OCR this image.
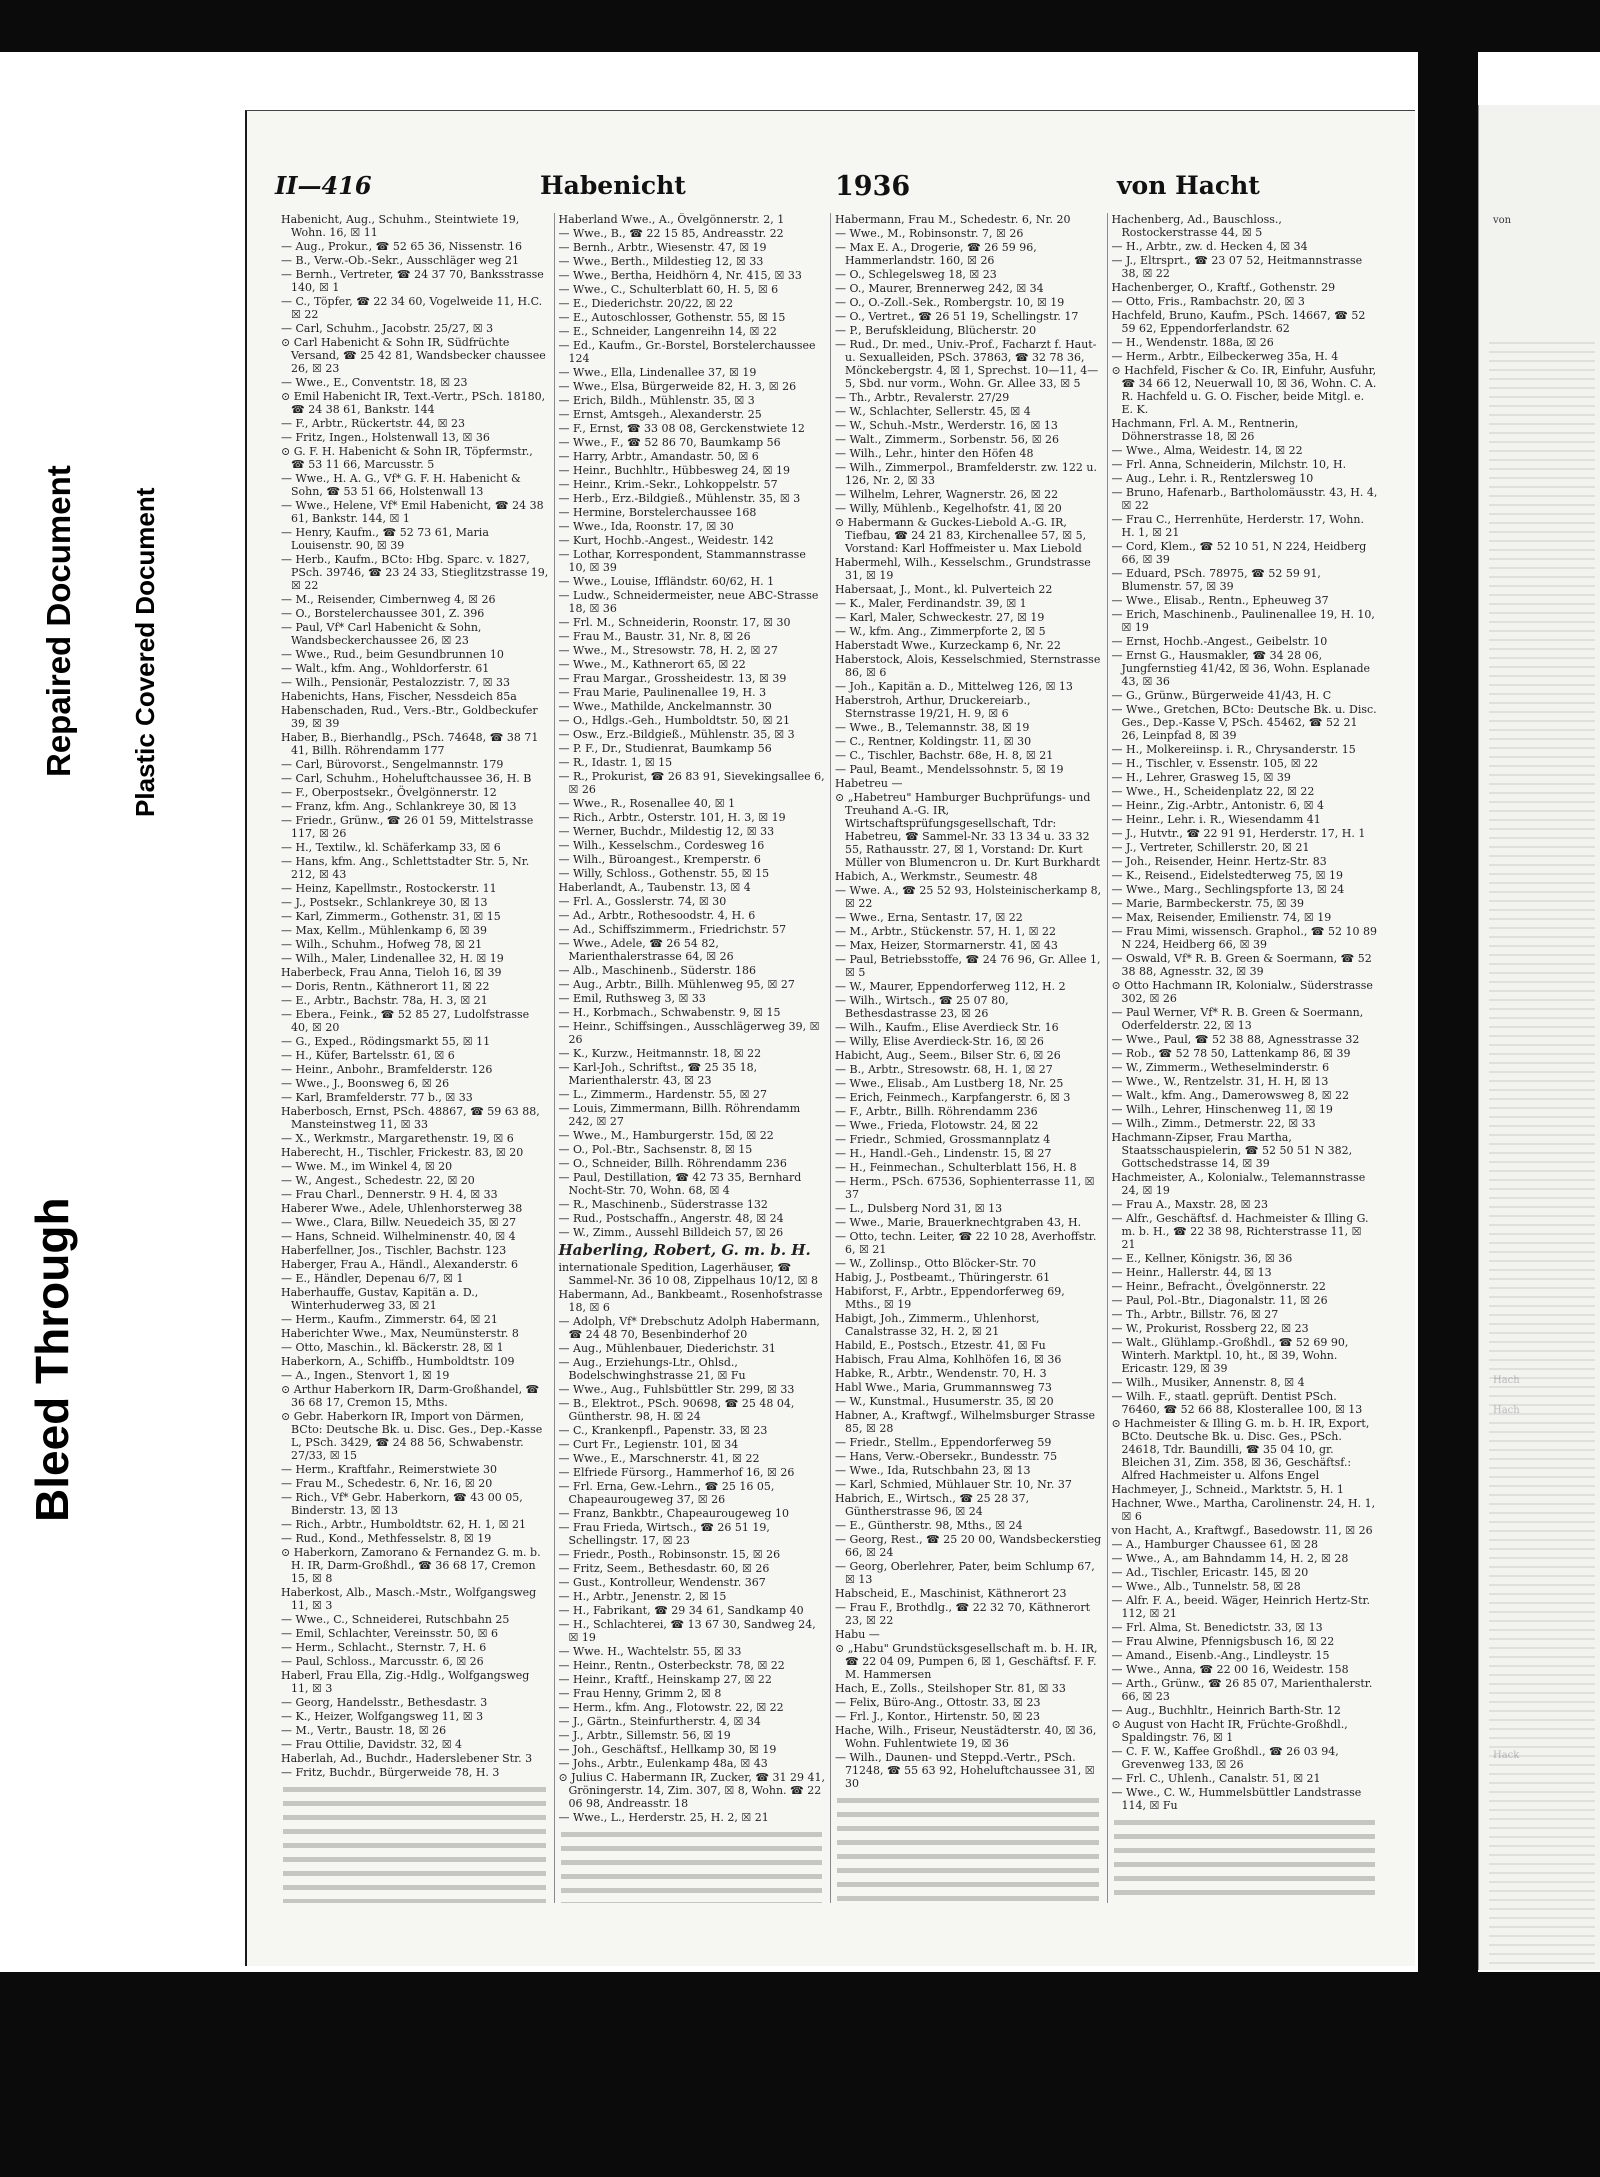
Bleed Through
Repaired Document Plastic Covered Document
II—416	Habenicht	1936	von Hacht
Habenicht, Aug., Schuhm., Steintwiete 19, Wohn. 16, ☒ 11
— Aug., Prokur., ☎ 52 65 36, Nissenstr. 16
— B., Verw.-Ob.-Sekr., Ausschläger weg 21
— Bernh., Vertreter, ☎ 24 37 70, Banksstrasse 140, ☒ 1
— C., Töpfer, ☎ 22 34 60, Vogelweide 11, H.C. ☒ 22
— Carl, Schuhm., Jacobstr. 25/27, ☒ 3
⊙ Carl Habenicht & Sohn IR, Südfrüchte Versand, ☎ 25 42 81, Wandsbecker chaussee 26, ☒ 23
— Wwe., E., Conventstr. 18, ☒ 23
⊙ Emil Habenicht IR, Text.-Vertr., PSch. 18180, ☎ 24 38 61, Bankstr. 144
— F., Arbtr., Rückertstr. 44, ☒ 23
— Fritz, Ingen., Holstenwall 13, ☒ 36
⊙ G. F. H. Habenicht & Sohn IR, Töpfermstr., ☎ 53 11 66, Marcusstr. 5
— Wwe., H. A. G., Vf* G. F. H. Habenicht & Sohn, ☎ 53 51 66, Holstenwall 13
— Wwe., Helene, Vf* Emil Habenicht, ☎ 24 38 61, Bankstr. 144, ☒ 1
— Henry, Kaufm., ☎ 52 73 61, Maria Louisenstr. 90, ☒ 39
— Herb., Kaufm., BCto: Hbg. Sparc. v. 1827, PSch. 39746, ☎ 23 24 33, Stieglitzstrasse 19, ☒ 22
— M., Reisender, Cimbernweg 4, ☒ 26
— O., Borstelerchaussee 301, Z. 396
— Paul, Vf* Carl Habenicht & Sohn, Wandsbeckerchaussee 26, ☒ 23
— Wwe., Rud., beim Gesundbrunnen 10
— Walt., kfm. Ang., Wohldorferstr. 61
— Wilh., Pensionär, Pestalozzistr. 7, ☒ 33
Habenichts, Hans, Fischer, Nessdeich 85a
Habenschaden, Rud., Vers.-Btr., Goldbeckufer 39, ☒ 39
Haber, B., Bierhandlg., PSch. 74648, ☎ 38 71 41, Billh. Röhrendamm 177
— Carl, Bürovorst., Sengelmannstr. 179
— Carl, Schuhm., Hoheluftchaussee 36, H. B
— F., Oberpostsekr., Övelgönnerstr. 12
— Franz, kfm. Ang., Schlankreye 30, ☒ 13
— Friedr., Grünw., ☎ 26 01 59, Mittelstrasse 117, ☒ 26
— H., Textilw., kl. Schäferkamp 33, ☒ 6
— Hans, kfm. Ang., Schlettstadter Str. 5, Nr. 212, ☒ 43
— Heinz, Kapellmstr., Rostockerstr. 11
— J., Postsekr., Schlankreye 30, ☒ 13
— Karl, Zimmerm., Gothenstr. 31, ☒ 15
— Max, Kellm., Mühlenkamp 6, ☒ 39
— Wilh., Schuhm., Hofweg 78, ☒ 21
— Wilh., Maler, Lindenallee 32, H. ☒ 19
Haberbeck, Frau Anna, Tieloh 16, ☒ 39
— Doris, Rentn., Käthnerort 11, ☒ 22
— E., Arbtr., Bachstr. 78a, H. 3, ☒ 21
— Ebera., Feink., ☎ 52 85 27, Ludolfstrasse 40, ☒ 20
— G., Exped., Rödingsmarkt 55, ☒ 11
— H., Küfer, Bartelsstr. 61, ☒ 6
— Heinr., Anbohr., Bramfelderstr. 126
— Wwe., J., Boonsweg 6, ☒ 26
— Karl, Bramfelderstr. 77 b., ☒ 33
Haberbosch, Ernst, PSch. 48867, ☎ 59 63 88, Mansteinstweg 11, ☒ 33
— X., Werkmstr., Margarethenstr. 19, ☒ 6
Haberecht, H., Tischler, Frickestr. 83, ☒ 20
— Wwe. M., im Winkel 4, ☒ 20
— W., Angest., Schedestr. 22, ☒ 20
— Frau Charl., Dennerstr. 9 H. 4, ☒ 33
Haberer Wwe., Adele, Uhlenhorsterweg 38
— Wwe., Clara, Billw. Neuedeich 35, ☒ 27
— Hans, Schneid. Wilhelminenstr. 40, ☒ 4
Haberfellner, Jos., Tischler, Bachstr. 123
Haberger, Frau A., Händl., Alexanderstr. 6
— E., Händler, Depenau 6/7, ☒ 1
Haberhauffe, Gustav, Kapitän a. D., Winterhuderweg 33, ☒ 21
— Herm., Kaufm., Zimmerstr. 64, ☒ 21
Haberichter Wwe., Max, Neumünsterstr. 8
— Otto, Maschin., kl. Bäckerstr. 28, ☒ 1
Haberkorn, A., Schiffb., Humboldtstr. 109
— A., Ingen., Stenvort 1, ☒ 19
⊙ Arthur Haberkorn IR, Darm-Großhandel, ☎ 36 68 17, Cremon 15, Mths.
⊙ Gebr. Haberkorn IR, Import von Därmen, BCto: Deutsche Bk. u. Disc. Ges., Dep.-Kasse L, PSch. 3429, ☎ 24 88 56, Schwabenstr. 27/33, ☒ 15
— Herm., Kraftfahr., Reimerstwiete 30
— Frau M., Schedestr. 6, Nr. 16, ☒ 20
— Rich., Vf* Gebr. Haberkorn, ☎ 43 00 05, Binderstr. 13, ☒ 13
— Rich., Arbtr., Humboldtstr. 62, H. 1, ☒ 21
— Rud., Kond., Methfesselstr. 8, ☒ 19
⊙ Haberkorn, Zamorano & Fernandez G. m. b. H. IR, Darm-Großhdl., ☎ 36 68 17, Cremon 15, ☒ 8
Haberkost, Alb., Masch.-Mstr., Wolfgangsweg 11, ☒ 3
— Wwe., C., Schneiderei, Rutschbahn 25
— Emil, Schlachter, Vereinsstr. 50, ☒ 6
— Herm., Schlacht., Sternstr. 7, H. 6
— Paul, Schloss., Marcusstr. 6, ☒ 26
Haberl, Frau Ella, Zig.-Hdlg., Wolfgangsweg 11, ☒ 3
— Georg, Handelsstr., Bethesdastr. 3
— K., Heizer, Wolfgangsweg 11, ☒ 3
— M., Vertr., Baustr. 18, ☒ 26
— Frau Ottilie, Davidstr. 32, ☒ 4
Haberlah, Ad., Buchdr., Haderslebener Str. 3
— Fritz, Buchdr., Bürgerweide 78, H. 3
Haberland Wwe., A., Övelgönnerstr. 2, 1
— Wwe., B., ☎ 22 15 85, Andreasstr. 22
— Bernh., Arbtr., Wiesenstr. 47, ☒ 19
— Wwe., Berth., Mildestieg 12, ☒ 33
— Wwe., Bertha, Heidhörn 4, Nr. 415, ☒ 33
— Wwe., C., Schulterblatt 60, H. 5, ☒ 6
— E., Diederichstr. 20/22, ☒ 22
— E., Autoschlosser, Gothenstr. 55, ☒ 15
— E., Schneider, Langenreihn 14, ☒ 22
— Ed., Kaufm., Gr.-Borstel, Borstelerchaussee 124
— Wwe., Ella, Lindenallee 37, ☒ 19
— Wwe., Elsa, Bürgerweide 82, H. 3, ☒ 26
— Erich, Bildh., Mühlenstr. 35, ☒ 3
— Ernst, Amtsgeh., Alexanderstr. 25
— F., Ernst, ☎ 33 08 08, Gerckenstwiete 12
— Wwe., F., ☎ 52 86 70, Baumkamp 56
— Harry, Arbtr., Amandastr. 50, ☒ 6
— Heinr., Buchhltr., Hübbesweg 24, ☒ 19
— Heinr., Krim.-Sekr., Lohkoppelstr. 57
— Herb., Erz.-Bildgieß., Mühlenstr. 35, ☒ 3
— Hermine, Borstelerchaussee 168
— Wwe., Ida, Roonstr. 17, ☒ 30
— Kurt, Hochb.-Angest., Weidestr. 142
— Lothar, Korrespondent, Stammannstrasse 10, ☒ 39
— Wwe., Louise, Iffländstr. 60/62, H. 1
— Ludw., Schneidermeister, neue ABC-Strasse 18, ☒ 36
— Frl. M., Schneiderin, Roonstr. 17, ☒ 30
— Frau M., Baustr. 31, Nr. 8, ☒ 26
— Wwe., M., Stresowstr. 78, H. 2, ☒ 27
— Wwe., M., Kathnerort 65, ☒ 22
— Frau Margar., Grossheidestr. 13, ☒ 39
— Frau Marie, Paulinenallee 19, H. 3
— Wwe., Mathilde, Anckelmannstr. 30
— O., Hdlgs.-Geh., Humboldtstr. 50, ☒ 21
— Osw., Erz.-Bildgieß., Mühlenstr. 35, ☒ 3
— P. F., Dr., Studienrat, Baumkamp 56
— R., Idastr. 1, ☒ 15
— R., Prokurist, ☎ 26 83 91, Sievekingsallee 6, ☒ 26
— Wwe., R., Rosenallee 40, ☒ 1
— Rich., Arbtr., Osterstr. 101, H. 3, ☒ 19
— Werner, Buchdr., Mildestig 12, ☒ 33
— Wilh., Kesselschm., Cordesweg 16
— Wilh., Büroangest., Kremperstr. 6
— Willy, Schloss., Gothenstr. 55, ☒ 15
Haberlandt, A., Taubenstr. 13, ☒ 4
— Frl. A., Gosslerstr. 74, ☒ 30
— Ad., Arbtr., Rothesoodstr. 4, H. 6
— Ad., Schiffszimmerm., Friedrichstr. 57
— Wwe., Adele, ☎ 26 54 82, Marienthalerstrasse 64, ☒ 26
— Alb., Maschinenb., Süderstr. 186
— Aug., Arbtr., Billh. Mühlenweg 95, ☒ 27
— Emil, Ruthsweg 3, ☒ 33
— H., Korbmach., Schwabenstr. 9, ☒ 15
— Heinr., Schiffsingen., Ausschlägerweg 39, ☒ 26
— K., Kurzw., Heitmannstr. 18, ☒ 22
— Karl-Joh., Schriftst., ☎ 25 35 18, Marienthalerstr. 43, ☒ 23
— L., Zimmerm., Hardenstr. 55, ☒ 27
— Louis, Zimmermann, Billh. Röhrendamm 242, ☒ 27
— Wwe., M., Hamburgerstr. 15d, ☒ 22
— O., Pol.-Btr., Sachsenstr. 8, ☒ 15
— O., Schneider, Billh. Röhrendamm 236
— Paul, Destillation, ☎ 42 73 35, Bernhard Nocht-Str. 70, Wohn. 68, ☒ 4
— R., Maschinenb., Süderstrasse 132
— Rud., Postschaffn., Angerstr. 48, ☒ 24
— W., Zimm., Aussehl Billdeich 57, ☒ 26
Haberling, Robert, G. m. b. H.
internationale Spedition, Lagerhäuser, ☎ Sammel-Nr. 36 10 08, Zippelhaus 10/12, ☒ 8
Habermann, Ad., Bankbeamt., Rosenhofstrasse 18, ☒ 6
— Adolph, Vf* Drebschutz Adolph Habermann, ☎ 24 48 70, Besenbinderhof 20
— Aug., Mühlenbauer, Diederichstr. 31
— Aug., Erziehungs-Ltr., Ohlsd., Bodelschwinghstrasse 21, ☒ Fu
— Wwe., Aug., Fuhlsbüttler Str. 299, ☒ 33
— B., Elektrot., PSch. 90698, ☎ 25 48 04, Güntherstr. 98, H. ☒ 24
— C., Krankenpfl., Papenstr. 33, ☒ 23
— Curt Fr., Legienstr. 101, ☒ 34
— Wwe., E., Marschnerstr. 41, ☒ 22
— Elfriede Fürsorg., Hammerhof 16, ☒ 26
— Frl. Erna, Gew.-Lehrn., ☎ 25 16 05, Chapeaurougeweg 37, ☒ 26
— Franz, Bankbtr., Chapeaurougeweg 10
— Frau Frieda, Wirtsch., ☎ 26 51 19, Schellingstr. 17, ☒ 23
— Friedr., Posth., Robinsonstr. 15, ☒ 26
— Fritz, Seem., Bethesdastr. 60, ☒ 26
— Gust., Kontrolleur, Wendenstr. 367
— H., Arbtr., Jenenstr. 2, ☒ 15
— H., Fabrikant, ☎ 29 34 61, Sandkamp 40
— H., Schlachterei, ☎ 13 67 30, Sandweg 24, ☒ 19
— Wwe. H., Wachtelstr. 55, ☒ 33
— Heinr., Rentn., Osterbeckstr. 78, ☒ 22
— Heinr., Kraftf., Heinskamp 27, ☒ 22
— Frau Henny, Grimm 2, ☒ 8
— Herm., kfm. Ang., Flotowstr. 22, ☒ 22
— J., Gärtn., Steinfurtherstr. 4, ☒ 34
— J., Arbtr., Sillemstr. 56, ☒ 19
— Joh., Geschäftsf., Hellkamp 30, ☒ 19
— Johs., Arbtr., Eulenkamp 48a, ☒ 43
⊙ Julius C. Habermann IR, Zucker, ☎ 31 29 41, Gröningerstr. 14, Zim. 307, ☒ 8, Wohn. ☎ 22 06 98, Andreasstr. 18
— Wwe., L., Herderstr. 25, H. 2, ☒ 21
Habermann, Frau M., Schedestr. 6, Nr. 20
— Wwe., M., Robinsonstr. 7, ☒ 26
— Max E. A., Drogerie, ☎ 26 59 96, Hammerlandstr. 160, ☒ 26
— O., Schlegelsweg 18, ☒ 23
— O., Maurer, Brennerweg 242, ☒ 34
— O., O.-Zoll.-Sek., Rombergstr. 10, ☒ 19
— O., Vertret., ☎ 26 51 19, Schellingstr. 17
— P., Berufskleidung, Blücherstr. 20
— Rud., Dr. med., Univ.-Prof., Facharzt f. Haut- u. Sexualleiden, PSch. 37863, ☎ 32 78 36, Mönckebergstr. 4, ☒ 1, Sprechst. 10—11, 4—5, Sbd. nur vorm., Wohn. Gr. Allee 33, ☒ 5
— Th., Arbtr., Revalerstr. 27/29
— W., Schlachter, Sellerstr. 45, ☒ 4
— W., Schuh.-Mstr., Werderstr. 16, ☒ 13
— Walt., Zimmerm., Sorbenstr. 56, ☒ 26
— Wilh., Lehr., hinter den Höfen 48
— Wilh., Zimmerpol., Bramfelderstr. zw. 122 u. 126, Nr. 2, ☒ 33
— Wilhelm, Lehrer, Wagnerstr. 26, ☒ 22
— Willy, Mühlenb., Kegelhofstr. 41, ☒ 20
⊙ Habermann & Guckes-Liebold A.-G. IR, Tiefbau, ☎ 24 21 83, Kirchenallee 57, ☒ 5, Vorstand: Karl Hoffmeister u. Max Liebold
Habermehl, Wilh., Kesselschm., Grundstrasse 31, ☒ 19
Habersaat, J., Mont., kl. Pulverteich 22
— K., Maler, Ferdinandstr. 39, ☒ 1
— Karl, Maler, Schweckestr. 27, ☒ 19
— W., kfm. Ang., Zimmerpforte 2, ☒ 5
Haberstadt Wwe., Kurzeckamp 6, Nr. 22
Haberstock, Alois, Kesselschmied, Sternstrasse 86, ☒ 6
— Joh., Kapitän a. D., Mittelweg 126, ☒ 13
Haberstroh, Arthur, Druckereiarb., Sternstrasse 19/21, H. 9, ☒ 6
— Wwe., B., Telemannstr. 38, ☒ 19
— C., Rentner, Koldingstr. 11, ☒ 30
— C., Tischler, Bachstr. 68e, H. 8, ☒ 21
— Paul, Beamt., Mendelssohnstr. 5, ☒ 19
Habetreu —
⊙ „Habetreu" Hamburger Buchprüfungs- und Treuhand A.-G. IR, Wirtschaftsprüfungsgesellschaft, Tdr: Habetreu, ☎ Sammel-Nr. 33 13 34 u. 33 32 55, Rathausstr. 27, ☒ 1, Vorstand: Dr. Kurt Müller von Blumencron u. Dr. Kurt Burkhardt
Habich, A., Werkmstr., Seumestr. 48
— Wwe. A., ☎ 25 52 93, Holsteinischerkamp 8, ☒ 22
— Wwe., Erna, Sentastr. 17, ☒ 22
— M., Arbtr., Stückenstr. 57, H. 1, ☒ 22
— Max, Heizer, Stormarnerstr. 41, ☒ 43
— Paul, Betriebsstoffe, ☎ 24 76 96, Gr. Allee 1, ☒ 5
— W., Maurer, Eppendorferweg 112, H. 2
— Wilh., Wirtsch., ☎ 25 07 80, Bethesdastrasse 23, ☒ 26
— Wilh., Kaufm., Elise Averdieck Str. 16
— Willy, Elise Averdieck-Str. 16, ☒ 26
Habicht, Aug., Seem., Bilser Str. 6, ☒ 26
— B., Arbtr., Stresowstr. 68, H. 1, ☒ 27
— Wwe., Elisab., Am Lustberg 18, Nr. 25
— Erich, Feinmech., Karpfangerstr. 6, ☒ 3
— F., Arbtr., Billh. Röhrendamm 236
— Wwe., Frieda, Flotowstr. 24, ☒ 22
— Friedr., Schmied, Grossmannplatz 4
— H., Handl.-Geh., Lindenstr. 15, ☒ 27
— H., Feinmechan., Schulterblatt 156, H. 8
— Herm., PSch. 67536, Sophienterrasse 11, ☒ 37
— L., Dulsberg Nord 31, ☒ 13
— Wwe., Marie, Brauerknechtgraben 43, H.
— Otto, techn. Leiter, ☎ 22 10 28, Averhoffstr. 6, ☒ 21
— W., Zollinsp., Otto Blöcker-Str. 70
Habig, J., Postbeamt., Thüringerstr. 61
Habiforst, F., Arbtr., Eppendorferweg 69, Mths., ☒ 19
Habigt, Joh., Zimmerm., Uhlenhorst, Canalstrasse 32, H. 2, ☒ 21
Habild, E., Postsch., Etzestr. 41, ☒ Fu
Habisch, Frau Alma, Kohlhöfen 16, ☒ 36
Habke, R., Arbtr., Wendenstr. 70, H. 3
Habl Wwe., Maria, Grummannsweg 73
— W., Kunstmal., Husumerstr. 35, ☒ 20
Habner, A., Kraftwgf., Wilhelmsburger Strasse 85, ☒ 28
— Friedr., Stellm., Eppendorferweg 59
— Hans, Verw.-Obersekr., Bundesstr. 75
— Wwe., Ida, Rutschbahn 23, ☒ 13
— Karl, Schmied, Mühlauer Str. 10, Nr. 37
Habrich, E., Wirtsch., ☎ 25 28 37, Güntherstrasse 96, ☒ 24
— E., Güntherstr. 98, Mths., ☒ 24
— Georg, Rest., ☎ 25 20 00, Wandsbeckerstieg 66, ☒ 24
— Georg, Oberlehrer, Pater, beim Schlump 67, ☒ 13
Habscheid, E., Maschinist, Käthnerort 23
— Frau F., Brothdlg., ☎ 22 32 70, Käthnerort 23, ☒ 22
Habu —
⊙ „Habu" Grundstücksgesellschaft m. b. H. IR, ☎ 22 04 09, Pumpen 6, ☒ 1, Geschäftsf. F. F. M. Hammersen
Hach, E., Zolls., Steilshoper Str. 81, ☒ 33
— Felix, Büro-Ang., Ottostr. 33, ☒ 23
— Frl. J., Kontor., Hirtenstr. 50, ☒ 23
Hache, Wilh., Friseur, Neustädterstr. 40, ☒ 36, Wohn. Fuhlentwiete 19, ☒ 36
— Wilh., Daunen- und Steppd.-Vertr., PSch. 71248, ☎ 55 63 92, Hoheluftchaussee 31, ☒ 30
Hachenberg, Ad., Bauschloss., Rostockerstrasse 44, ☒ 5
— H., Arbtr., zw. d. Hecken 4, ☒ 34
— J., Eltrsprt., ☎ 23 07 52, Heitmannstrasse 38, ☒ 22
Hachenberger, O., Kraftf., Gothenstr. 29
— Otto, Fris., Rambachstr. 20, ☒ 3
Hachfeld, Bruno, Kaufm., PSch. 14667, ☎ 52 59 62, Eppendorferlandstr. 62
— H., Wendenstr. 188a, ☒ 26
— Herm., Arbtr., Eilbeckerweg 35a, H. 4
⊙ Hachfeld, Fischer & Co. IR, Einfuhr, Ausfuhr, ☎ 34 66 12, Neuerwall 10, ☒ 36, Wohn. C. A. R. Hachfeld u. G. O. Fischer, beide Mitgl. e. E. K.
Hachmann, Frl. A. M., Rentnerin, Döhnerstrasse 18, ☒ 26
— Wwe., Alma, Weidestr. 14, ☒ 22
— Frl. Anna, Schneiderin, Milchstr. 10, H.
— Aug., Lehr. i. R., Rentzlersweg 10
— Bruno, Hafenarb., Bartholomäusstr. 43, H. 4, ☒ 22
— Frau C., Herrenhüte, Herderstr. 17, Wohn. H. 1, ☒ 21
— Cord, Klem., ☎ 52 10 51, N 224, Heidberg 66, ☒ 39
— Eduard, PSch. 78975, ☎ 52 59 91, Blumenstr. 57, ☒ 39
— Wwe., Elisab., Rentn., Epheuweg 37
— Erich, Maschinenb., Paulinenallee 19, H. 10, ☒ 19
— Ernst, Hochb.-Angest., Geibelstr. 10
— Ernst G., Hausmakler, ☎ 34 28 06, Jungfernstieg 41/42, ☒ 36, Wohn. Esplanade 43, ☒ 36
— G., Grünw., Bürgerweide 41/43, H. C
— Wwe., Gretchen, BCto: Deutsche Bk. u. Disc. Ges., Dep.-Kasse V, PSch. 45462, ☎ 52 21 26, Leinpfad 8, ☒ 39
— H., Molkereiinsp. i. R., Chrysanderstr. 15
— H., Tischler, v. Essenstr. 105, ☒ 22
— H., Lehrer, Grasweg 15, ☒ 39
— Wwe., H., Scheidenplatz 22, ☒ 22
— Heinr., Zig.-Arbtr., Antonistr. 6, ☒ 4
— Heinr., Lehr. i. R., Wiesendamm 41
— J., Hutvtr., ☎ 22 91 91, Herderstr. 17, H. 1
— J., Vertreter, Schillerstr. 20, ☒ 21
— Joh., Reisender, Heinr. Hertz-Str. 83
— K., Reisend., Eidelstedterweg 75, ☒ 19
— Wwe., Marg., Sechlingspforte 13, ☒ 24
— Marie, Barmbeckerstr. 75, ☒ 39
— Max, Reisender, Emilienstr. 74, ☒ 19
— Frau Mimi, wissensch. Graphol., ☎ 52 10 89 N 224, Heidberg 66, ☒ 39
— Oswald, Vf* R. B. Green & Soermann, ☎ 52 38 88, Agnesstr. 32, ☒ 39
⊙ Otto Hachmann IR, Kolonialw., Süderstrasse 302, ☒ 26
— Paul Werner, Vf* R. B. Green & Soermann, Oderfelderstr. 22, ☒ 13
— Wwe., Paul, ☎ 52 38 88, Agnesstrasse 32
— Rob., ☎ 52 78 50, Lattenkamp 86, ☒ 39
— W., Zimmerm., Wetheselminderstr. 6
— Wwe., W., Rentzelstr. 31, H. H, ☒ 13
— Walt., kfm. Ang., Damerowsweg 8, ☒ 22
— Wilh., Lehrer, Hinschenweg 11, ☒ 19
— Wilh., Zimm., Detmerstr. 22, ☒ 33
Hachmann-Zipser, Frau Martha, Staatsschauspielerin, ☎ 52 50 51 N 382, Gottschedstrasse 14, ☒ 39
Hachmeister, A., Kolonialw., Telemannstrasse 24, ☒ 19
— Frau A., Maxstr. 28, ☒ 23
— Alfr., Geschäftsf. d. Hachmeister & Illing G. m. b. H., ☎ 22 38 98, Richterstrasse 11, ☒ 21
— E., Kellner, Königstr. 36, ☒ 36
— Heinr., Hallerstr. 44, ☒ 13
— Heinr., Befracht., Övelgönnerstr. 22
— Paul, Pol.-Btr., Diagonalstr. 11, ☒ 26
— Th., Arbtr., Billstr. 76, ☒ 27
— W., Prokurist, Rossberg 22, ☒ 23
— Walt., Glühlamp.-Großhdl., ☎ 52 69 90, Winterh. Marktpl. 10, ht., ☒ 39, Wohn. Ericastr. 129, ☒ 39
— Wilh., Musiker, Annenstr. 8, ☒ 4
— Wilh. F., staatl. geprüft. Dentist PSch. 76460, ☎ 52 66 88, Klosterallee 100, ☒ 13
⊙ Hachmeister & Illing G. m. b. H. IR, Export, BCto. Deutsche Bk. u. Disc. Ges., PSch. 24618, Tdr. Baundilli, ☎ 35 04 10, gr. Bleichen 31, Zim. 358, ☒ 36, Geschäftsf.: Alfred Hachmeister u. Alfons Engel
Hachmeyer, J., Schneid., Marktstr. 5, H. 1
Hachner, Wwe., Martha, Carolinenstr. 24, H. 1, ☒ 6
von Hacht, A., Kraftwgf., Basedowstr. 11, ☒ 26
— A., Hamburger Chaussee 61, ☒ 28
— Wwe., A., am Bahndamm 14, H. 2, ☒ 28
— Ad., Tischler, Ericastr. 145, ☒ 20
— Wwe., Alb., Tunnelstr. 58, ☒ 28
— Alfr. F. A., beeid. Wäger, Heinrich Hertz-Str. 112, ☒ 21
— Frl. Alma, St. Benedictstr. 33, ☒ 13
— Frau Alwine, Pfennigsbusch 16, ☒ 22
— Amand., Eisenb.-Ang., Lindleystr. 15
— Wwe., Anna, ☎ 22 00 16, Weidestr. 158
— Arth., Grünw., ☎ 26 85 07, Marienthalerstr. 66, ☒ 23
— Aug., Buchhltr., Heinrich Barth-Str. 12
⊙ August von Hacht IR, Früchte-Großhdl., Spaldingstr. 76, ☒ 1
— C. F. W., Kaffee Großhdl., ☎ 26 03 94, Grevenweg 133, ☒ 26
— Frl. C., Uhlenh., Canalstr. 51, ☒ 21
— Wwe., C. W., Hummelsbüttler Landstrasse 114, ☒ Fu
von
